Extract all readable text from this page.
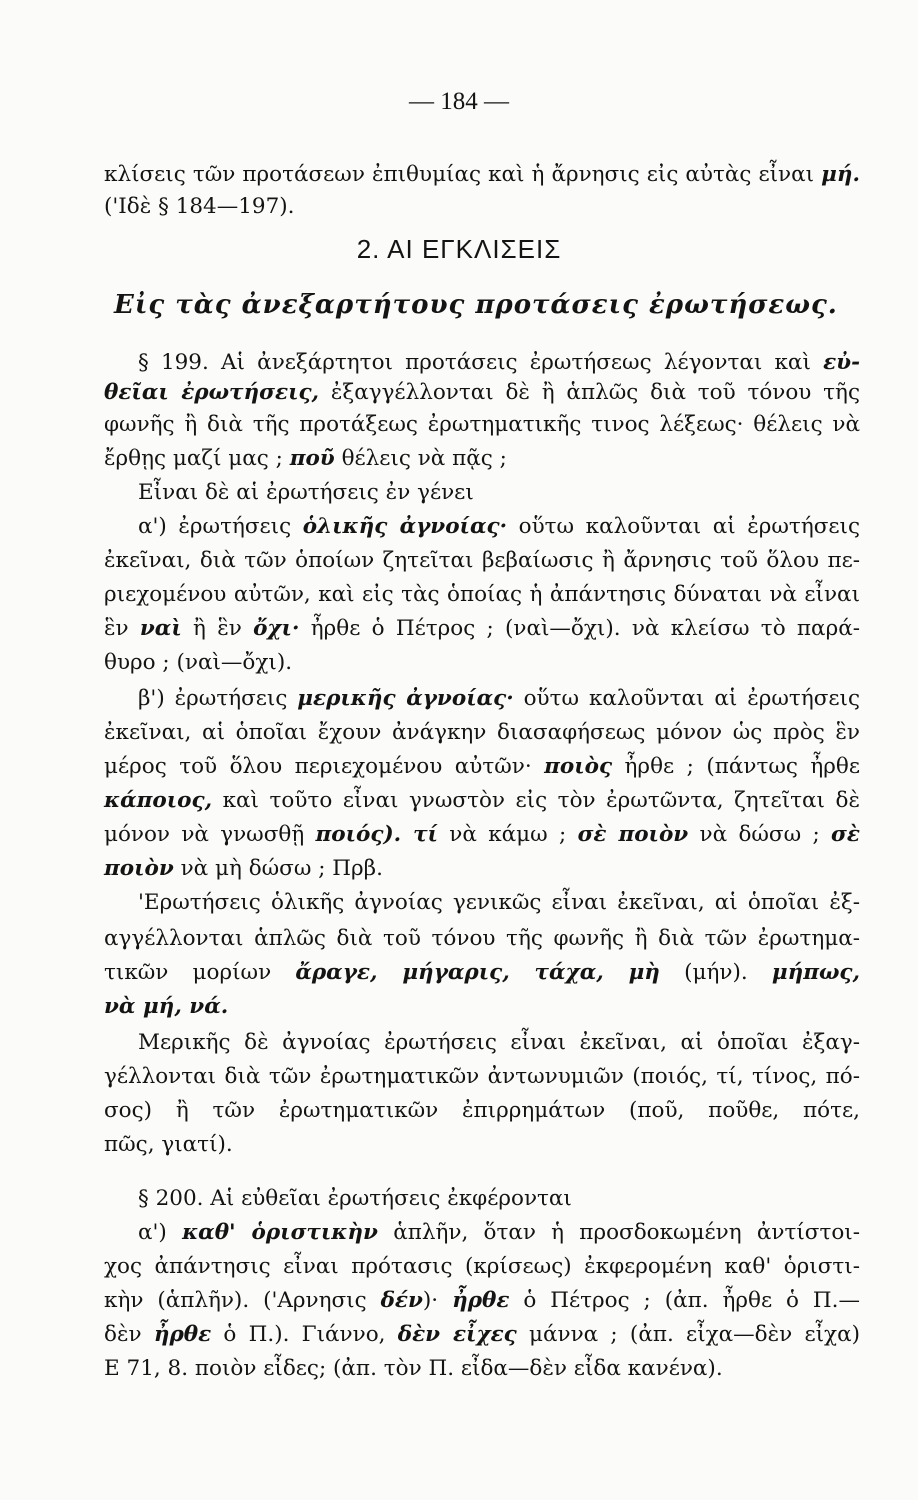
— 184 —
κλίσεις τῶν προτάσεων ἐπιθυμίας καὶ ἡ ἄρνησις εἰς αὐτὰς εἶναι μή.
('Ιδὲ § 184—197).
2. ΑΙ ΕΓΚΛΙΣΕΙΣ
Εἰς τὰς ἀνεξαρτήτους προτάσεις ἐρωτήσεως.
§ 199. Αἱ ἀνεξάρτητοι προτάσεις ἐρωτήσεως λέγονται καὶ εὐ-
θεῖαι ἐρωτήσεις, ἐξαγγέλλονται δὲ ἢ ἁπλῶς διὰ τοῦ τόνου τῆς
φωνῆς ἢ διὰ τῆς προτάξεως ἐρωτηματικῆς τινος λέξεως· θέλεις νὰ
ἔρθῃς μαζί μας ; ποῦ θέλεις νὰ πᾷς ;
Εἶναι δὲ αἱ ἐρωτήσεις ἐν γένει
α') ἐρωτήσεις ὁλικῆς ἀγνοίας· οὕτω καλοῦνται αἱ ἐρωτήσεις
ἐκεῖναι, διὰ τῶν ὁποίων ζητεῖται βεβαίωσις ἢ ἄρνησις τοῦ ὅλου πε-
ριεχομένου αὐτῶν, καὶ εἰς τὰς ὁποίας ἡ ἀπάντησις δύναται νὰ εἶναι
ἓν ναὶ ἢ ἓν ὄχι· ἦρθε ὁ Πέτρος ; (ναὶ—ὄχι). νὰ κλείσω τὸ παρά-
θυρο ; (ναὶ—ὄχι).
β') ἐρωτήσεις μερικῆς ἀγνοίας· οὕτω καλοῦνται αἱ ἐρωτήσεις
ἐκεῖναι, αἱ ὁποῖαι ἔχουν ἀνάγκην διασαφήσεως μόνον ὡς πρὸς ἓν
μέρος τοῦ ὅλου περιεχομένου αὐτῶν· ποιὸς ἦρθε ; (πάντως ἦρθε
κάποιος, καὶ τοῦτο εἶναι γνωστὸν εἰς τὸν ἐρωτῶντα, ζητεῖται δὲ
μόνον νὰ γνωσθῇ ποιός). τί νὰ κάμω ; σὲ ποιὸν νὰ δώσω ; σὲ
ποιὸν νὰ μὴ δώσω ; Πρβ.
'Ερωτήσεις ὁλικῆς ἀγνοίας γενικῶς εἶναι ἐκεῖναι, αἱ ὁποῖαι ἐξ-
αγγέλλονται ἁπλῶς διὰ τοῦ τόνου τῆς φωνῆς ἢ διὰ τῶν ἐρωτημα-
τικῶν μορίων ἄραγε, μήγαρις, τάχα, μὴ (μήν). μήπως,
νὰ μή, νά.
Μερικῆς δὲ ἀγνοίας ἐρωτήσεις εἶναι ἐκεῖναι, αἱ ὁποῖαι ἐξαγ-
γέλλονται διὰ τῶν ἐρωτηματικῶν ἀντωνυμιῶν (ποιός, τί, τίνος, πό-
σος) ἢ τῶν ἐρωτηματικῶν ἐπιρρημάτων (ποῦ, ποῦθε, πότε,
πῶς, γιατί).
§ 200. Αἱ εὐθεῖαι ἐρωτήσεις ἐκφέρονται
α') καθ' ὁριστικὴν ἁπλῆν, ὅταν ἡ προσδοκωμένη ἀντίστοι-
χος ἀπάντησις εἶναι πρότασις (κρίσεως) ἐκφερομένη καθ' ὁριστι-
κὴν (ἁπλῆν). ('Αρνησις δέν)· ἦρθε ὁ Πέτρος ; (ἀπ. ἦρθε ὁ Π.—
δὲν ἦρθε ὁ Π.). Γιάννο, δὲν εἶχες μάννα ; (ἀπ. εἶχα—δὲν εἶχα)
Ε 71, 8. ποιὸν εἶδες; (ἀπ. τὸν Π. εἶδα—δὲν εἶδα κανένα).
